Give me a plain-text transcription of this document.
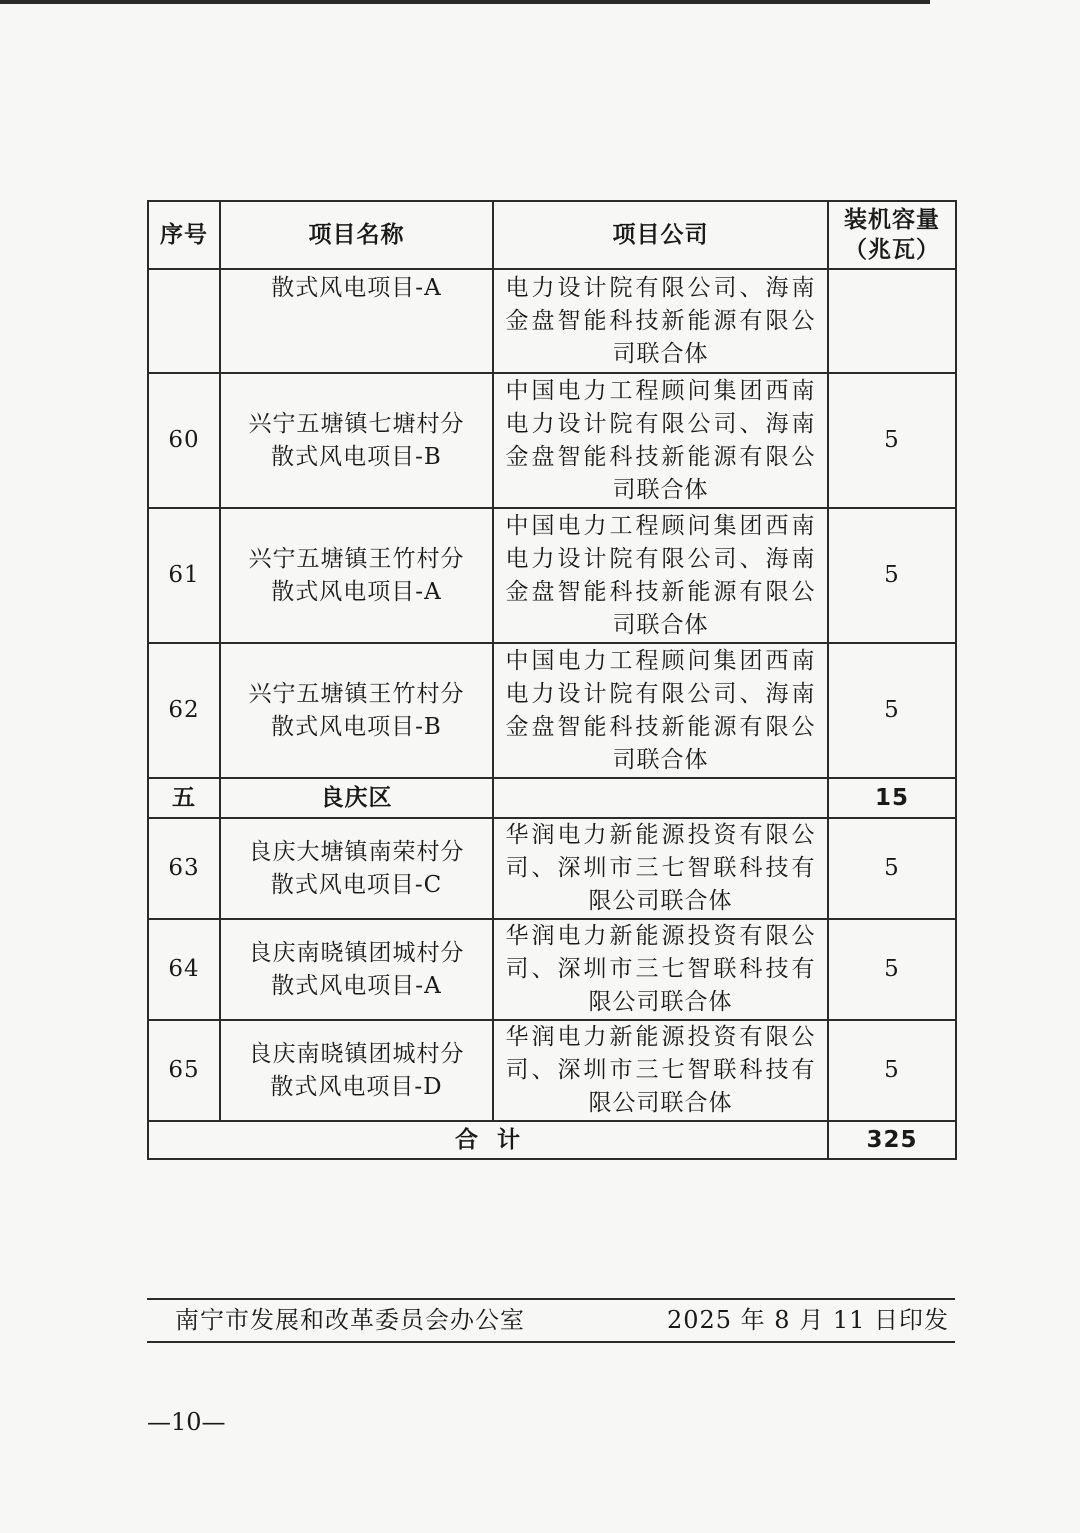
序号	项目名称	项目公司	装机容量
（兆瓦）

	散式风电项目-A	电力设计院有限公司、海南
金盘智能科技新能源有限公
司联合体	

60	兴宁五塘镇七塘村分
散式风电项目-B	中国电力工程顾问集团西南
电力设计院有限公司、海南
金盘智能科技新能源有限公
司联合体	5
61	兴宁五塘镇王竹村分
散式风电项目-A	中国电力工程顾问集团西南
电力设计院有限公司、海南
金盘智能科技新能源有限公
司联合体	5
62	兴宁五塘镇王竹村分
散式风电项目-B	中国电力工程顾问集团西南
电力设计院有限公司、海南
金盘智能科技新能源有限公
司联合体	5
五	良庆区		15
63	良庆大塘镇南荣村分
散式风电项目-C	华润电力新能源投资有限公
司、深圳市三七智联科技有
限公司联合体	5
64	良庆南晓镇团城村分
散式风电项目-A	华润电力新能源投资有限公
司、深圳市三七智联科技有
限公司联合体	5
65	良庆南晓镇团城村分
散式风电项目-D	华润电力新能源投资有限公
司、深圳市三七智联科技有
限公司联合体	5
合  计			325
南宁市发展和改革委员会办公室	2025 年 8 月 11 日印发
—10—
